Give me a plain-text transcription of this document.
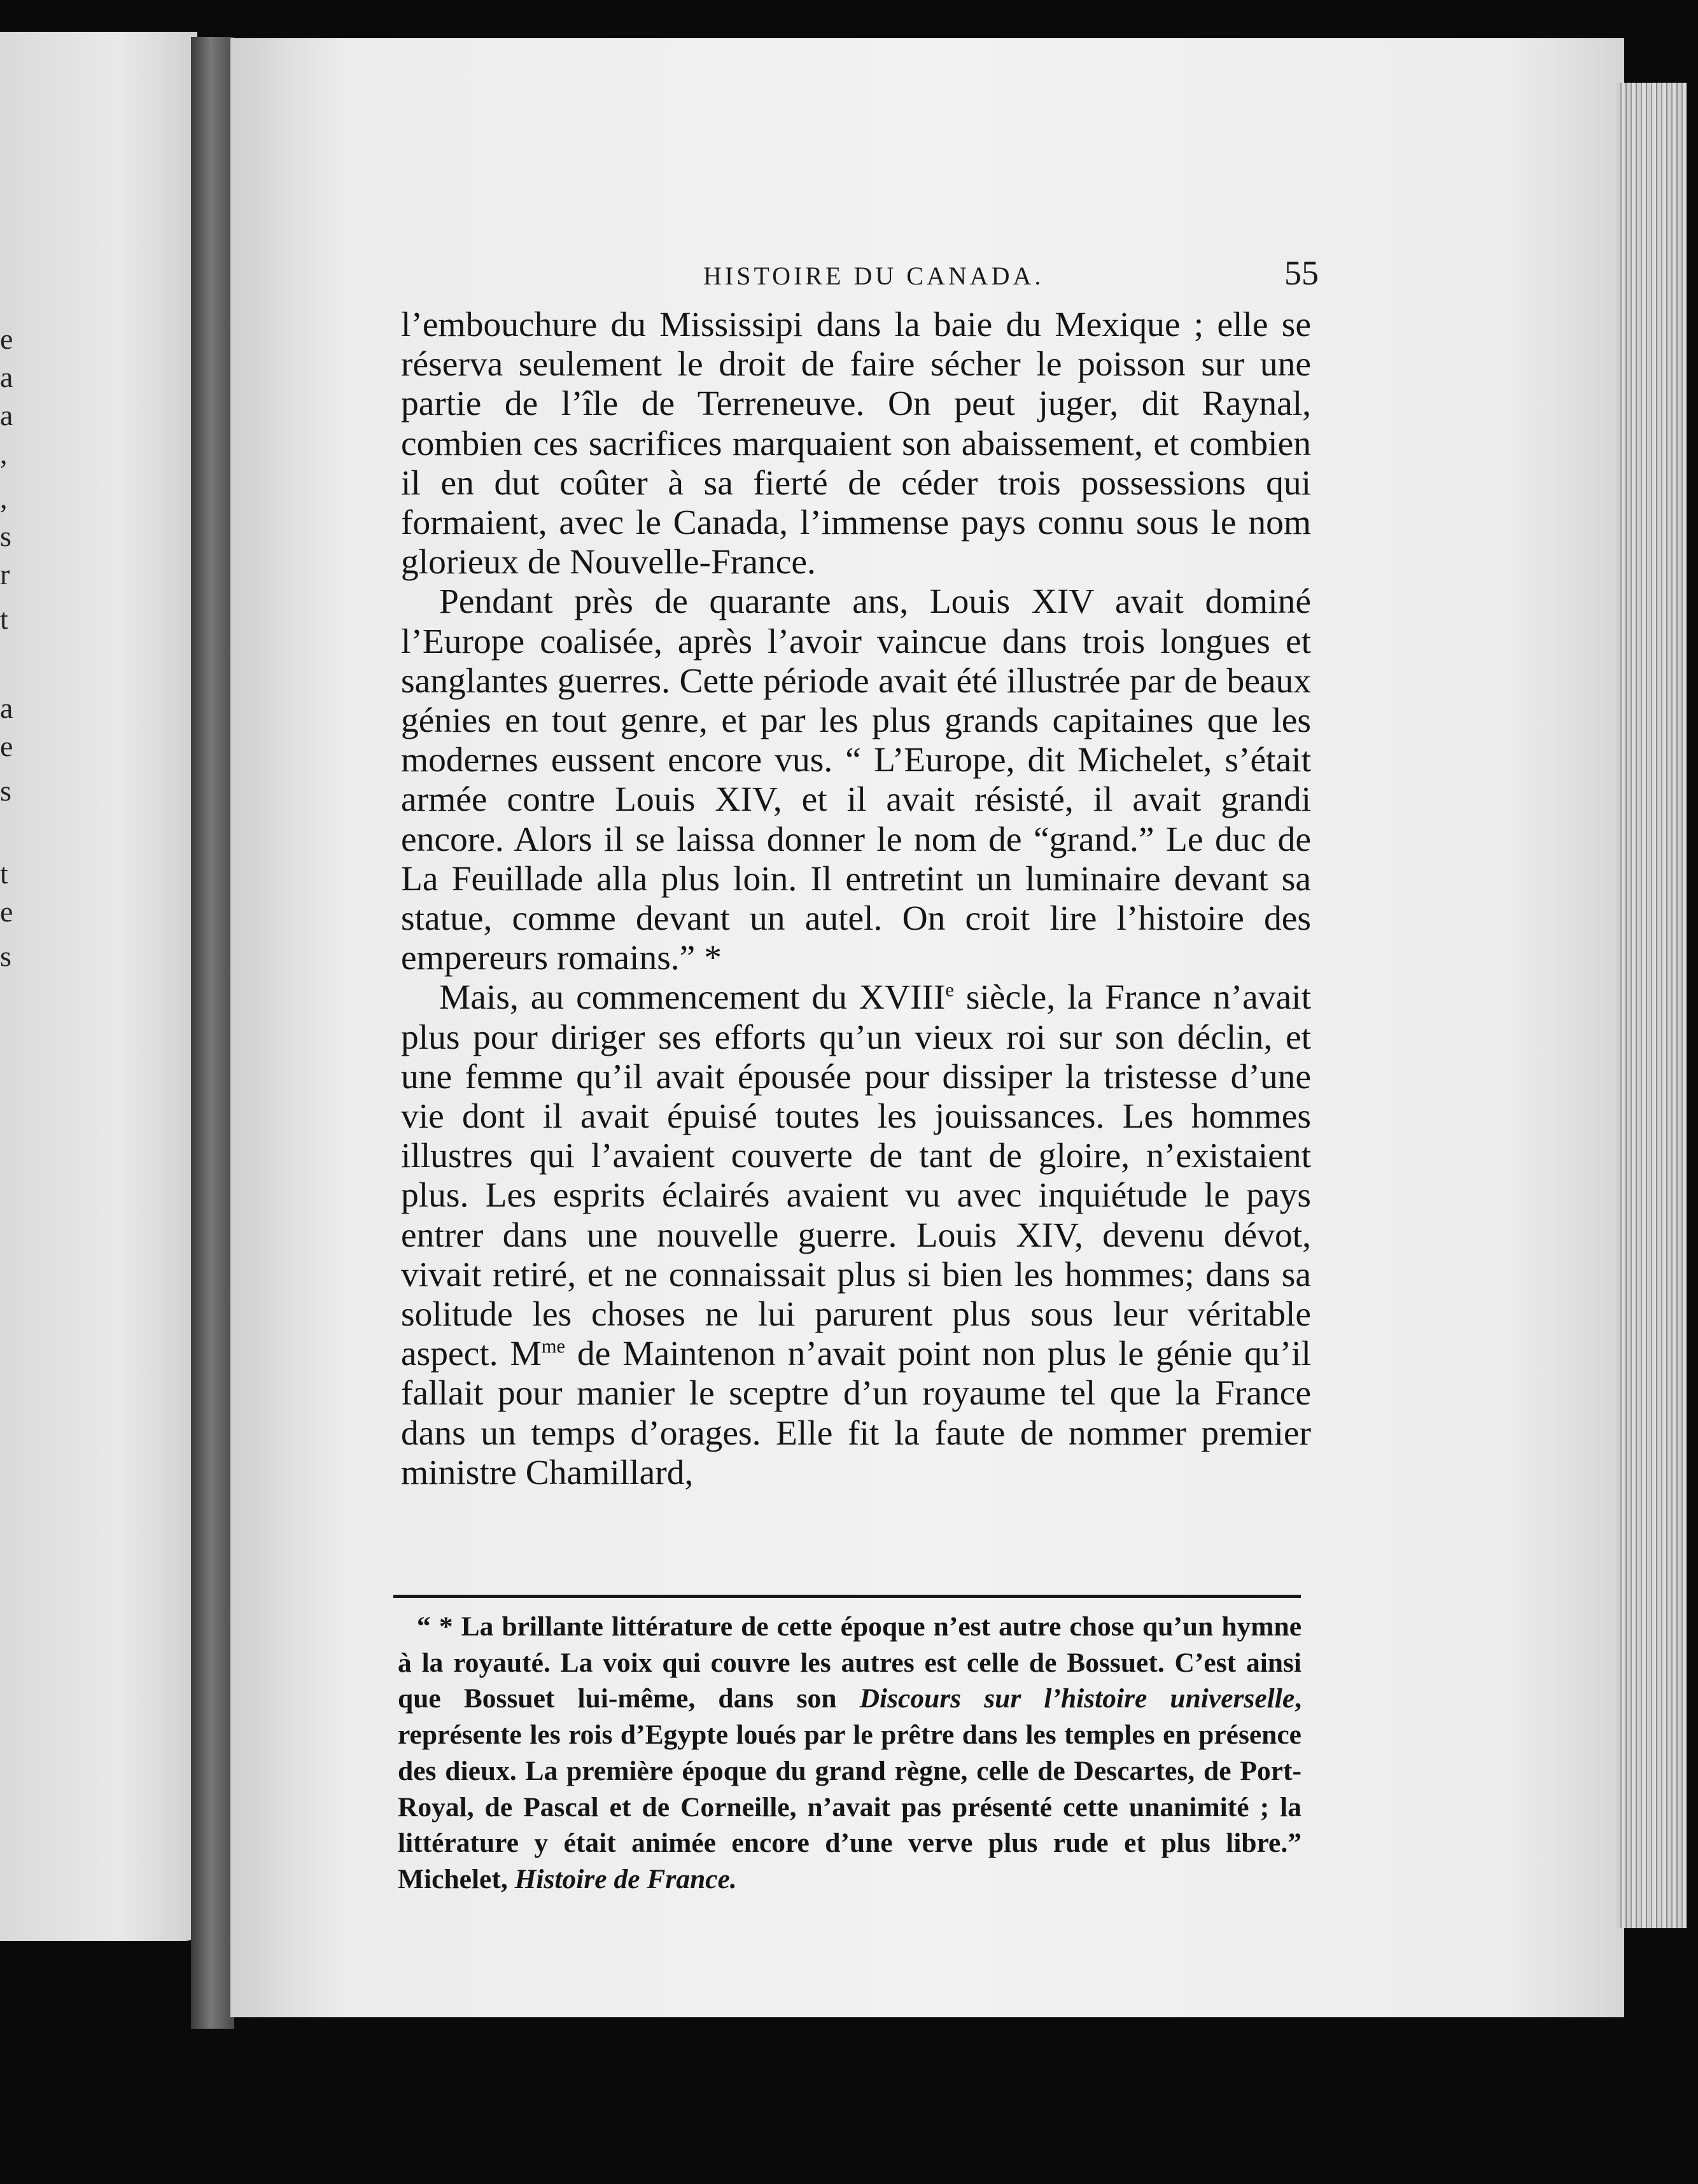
e
a
a
,
,
s
r
t
a
e
s
t
e
s
HISTOIRE DU CANADA.	55

l’embouchure du Mississipi dans la baie du Mexique ; elle se réserva seulement le droit de faire sécher le poisson sur une partie de l’île de Terreneuve. On peut juger, dit Raynal, combien ces sacrifices marquaient son abaissement, et combien il en dut coûter à sa fierté de céder trois possessions qui formaient, avec le Canada, l’immense pays connu sous le nom glorieux de Nouvelle-France.

Pendant près de quarante ans, Louis XIV avait dominé l’Europe coalisée, après l’avoir vaincue dans trois longues et sanglantes guerres. Cette période avait été illustrée par de beaux génies en tout genre, et par les plus grands capitaines que les modernes eussent encore vus. “ L’Europe, dit Michelet, s’était armée contre Louis XIV, et il avait résisté, il avait grandi encore. Alors il se laissa donner le nom de “grand.” Le duc de La Feuillade alla plus loin. Il entretint un luminaire devant sa statue, comme devant un autel. On croit lire l’histoire des empereurs romains.” *

Mais, au commencement du XVIIIe siècle, la France n’avait plus pour diriger ses efforts qu’un vieux roi sur son déclin, et une femme qu’il avait épousée pour dissiper la tristesse d’une vie dont il avait épuisé toutes les jouissances. Les hommes illustres qui l’avaient couverte de tant de gloire, n’existaient plus. Les esprits éclairés avaient vu avec inquiétude le pays entrer dans une nouvelle guerre. Louis XIV, devenu dévot, vivait retiré, et ne connaissait plus si bien les hommes; dans sa solitude les choses ne lui parurent plus sous leur véritable aspect. $M^{me}$ de Maintenon n’avait point non plus le génie qu’il fallait pour manier le sceptre d’un royaume tel que la France dans un temps d’orages. Elle fit la faute de nommer premier ministre Chamillard,

“ * La brillante littérature de cette époque n’est autre chose qu’un hymne à la royauté. La voix qui couvre les autres est celle de Bossuet. C’est ainsi que Bossuet lui-même, dans son Discours sur l’histoire universelle, représente les rois d’Egypte loués par le prêtre dans les temples en présence des dieux. La première époque du grand règne, celle de Descartes, de Port-Royal, de Pascal et de Corneille, n’avait pas présenté cette unanimité ; la littérature y était animée encore d’une verve plus rude et plus libre.” Michelet, Histoire de France.
